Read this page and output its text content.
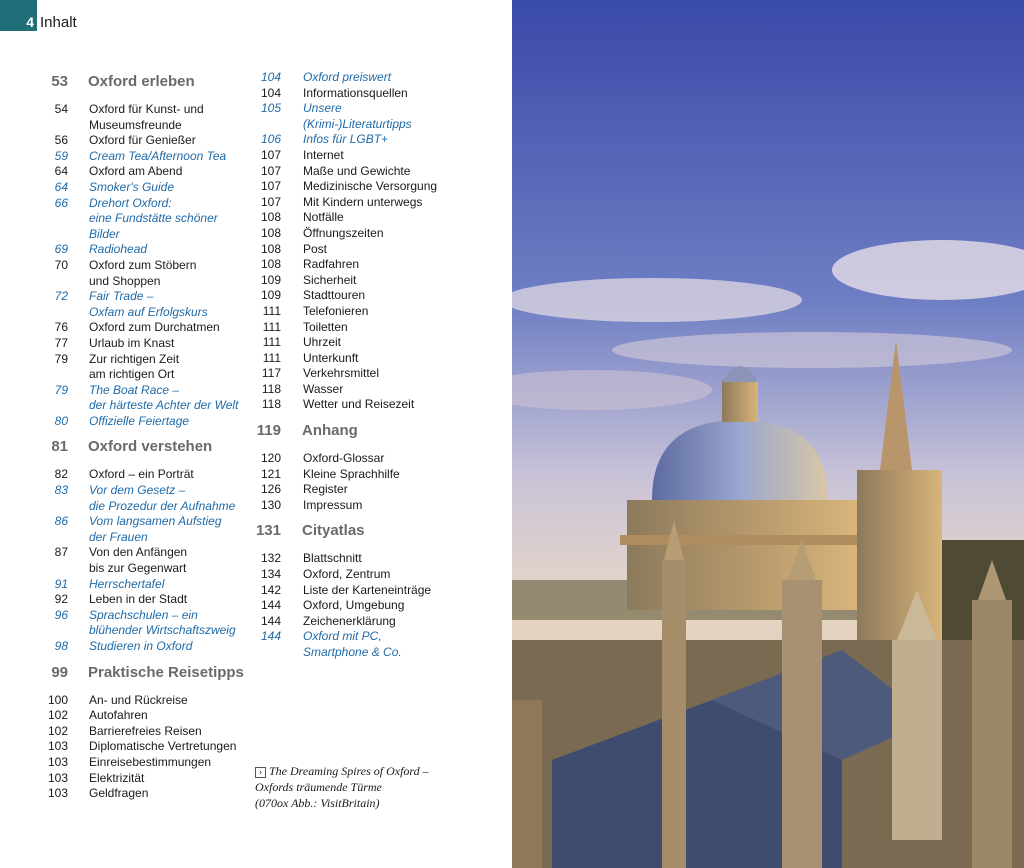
4 Inhalt
53 Oxford erleben
54 Oxford für Kunst- und
Museumsfreunde
56 Oxford für Genießer
59 Cream Tea/Afternoon Tea
64 Oxford am Abend
64 Smoker's Guide
66 Drehort Oxford:
eine Fundstätte schöner Bilder
69 Radiohead
70 Oxford zum Stöbern
und Shoppen
72 Fair Trade –
Oxfam auf Erfolgskurs
76 Oxford zum Durchatmen
77 Urlaub im Knast
79 Zur richtigen Zeit
am richtigen Ort
79 The Boat Race –
der härteste Achter der Welt
80 Offizielle Feiertage
81 Oxford verstehen
82 Oxford – ein Porträt
83 Vor dem Gesetz –
die Prozedur der Aufnahme
86 Vom langsamen Aufstieg
der Frauen
87 Von den Anfängen
bis zur Gegenwart
91 Herrschertafel
92 Leben in der Stadt
96 Sprachschulen – ein
blühender Wirtschaftszweig
98 Studieren in Oxford
99 Praktische Reisetipps
100 An- und Rückreise
102 Autofahren
102 Barrierefreies Reisen
103 Diplomatische Vertretungen
103 Einreisebestimmungen
103 Elektrizität
103 Geldfragen
104 Oxford preiswert
104 Informationsquellen
105 Unsere (Krimi-)Literaturtipps
106 Infos für LGBT+
107 Internet
107 Maße und Gewichte
107 Medizinische Versorgung
107 Mit Kindern unterwegs
108 Notfälle
108 Öffnungszeiten
108 Post
108 Radfahren
109 Sicherheit
109 Stadttouren
111 Telefonieren
111 Toiletten
111 Uhrzeit
111 Unterkunft
117 Verkehrsmittel
118 Wasser
118 Wetter und Reisezeit
119 Anhang
120 Oxford-Glossar
121 Kleine Sprachhilfe
126 Register
130 Impressum
131 Cityatlas
132 Blattschnitt
134 Oxford, Zentrum
142 Liste der Karteneinträge
144 Oxford, Umgebung
144 Zeichenerklärung
144 Oxford mit PC,
Smartphone & Co.
› The Dreaming Spires of Oxford –
Oxfords träumende Türme
(070ox Abb.: VisitBritain)
